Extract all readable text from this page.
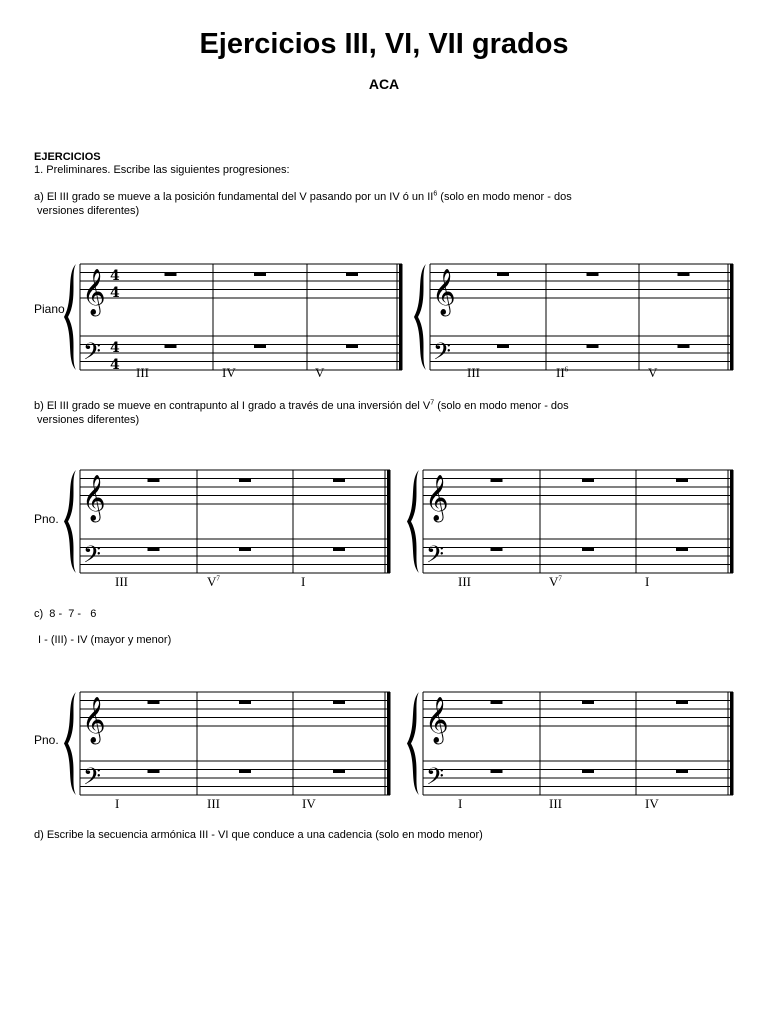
Ejercicios III, VI, VII grados
ACA
EJERCICIOS
1. Preliminares. Escribe las siguientes progresiones:
a) El III grado se mueve a la posición fundamental del V pasando por un IV ó un $II^6$ (solo en modo menor - dos
versiones diferentes)
b) El III grado se mueve en contrapunto al I grado a través de una inversión del $V^7$ (solo en modo menor - dos
versiones diferentes)
c)  8 -  7 -   6
I - (III) - IV (mayor y menor)
d) Escribe la secuencia armónica III - VI que conduce a una cadencia (solo en modo menor)
Piano
Pno.
Pno.
𝄞
𝄢
4
4
4
4
𝄞
𝄢
𝄞
𝄢
𝄞
𝄢
𝄞
𝄢
𝄞
𝄢
III	IV	V	III	$II^6$	V
III	$V^7$	I	III	$V^7$	I
I	III	IV	I	III	IV
